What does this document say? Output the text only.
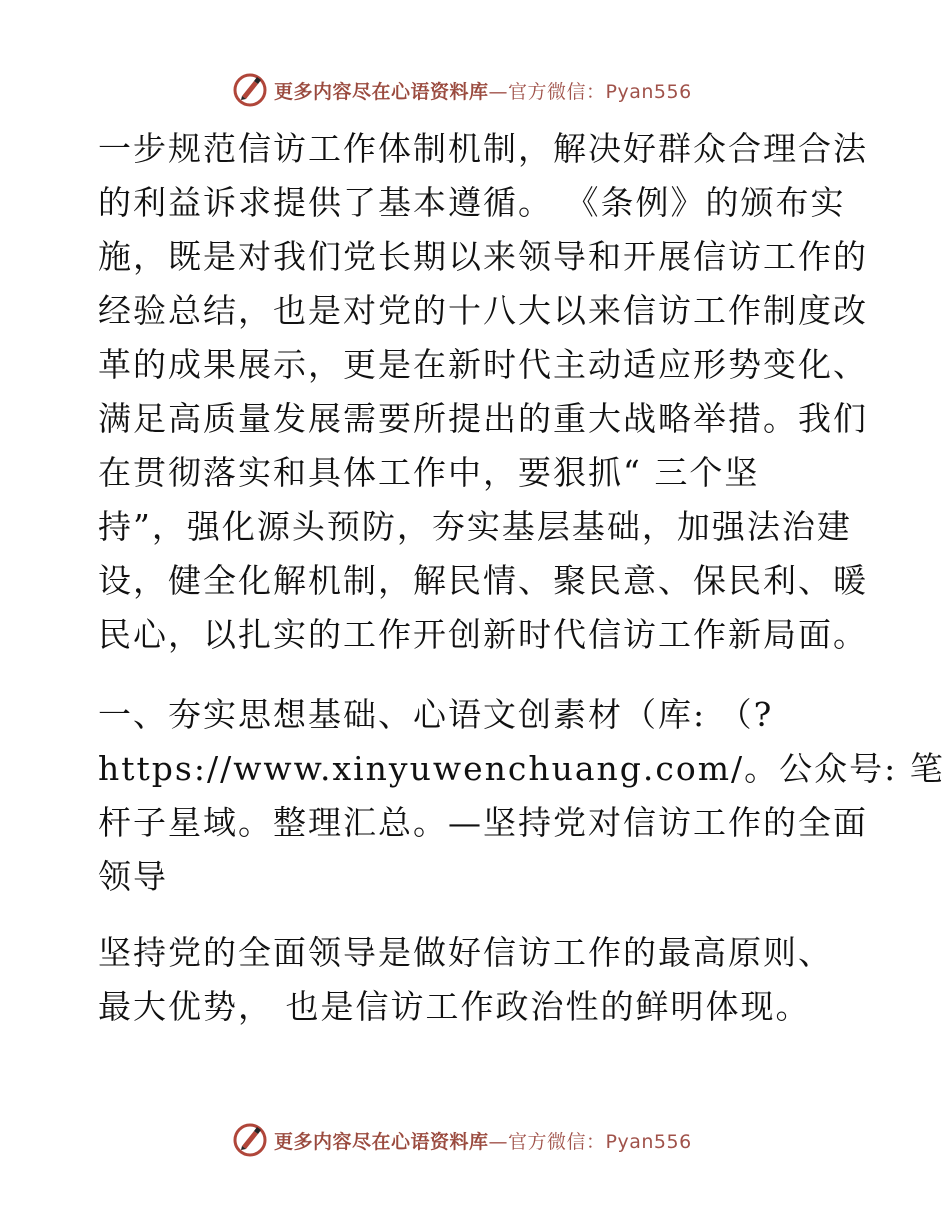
更多内容尽在心语资料库—官方微信：Pyan556
一步规范信访工作体制机制，解决好群众合理合法
的利益诉求提供了基本遵循。 《条例》的颁布实
施，既是对我们党长期以来领导和开展信访工作的
经验总结，也是对党的十八大以来信访工作制度改
革的成果展示，更是在新时代主动适应形势变化、
满足高质量发展需要所提出的重大战略举措。我们
在贯彻落实和具体工作中，要狠抓“ 三个坚
持”，强化源头预防，夯实基层基础，加强法治建
设，健全化解机制，解民情、聚民意、保民利、暖
民心，以扎实的工作开创新时代信访工作新局面。
一、夯实思想基础、心语文创素材（库: （?
https://www.xinyuwenchuang.com/。公众号: 笔
杆子星域。整理汇总。—坚持党对信访工作的全面
领导
坚持党的全面领导是做好信访工作的最高原则、
最大优势， 也是信访工作政治性的鲜明体现。
更多内容尽在心语资料库—官方微信：Pyan556
